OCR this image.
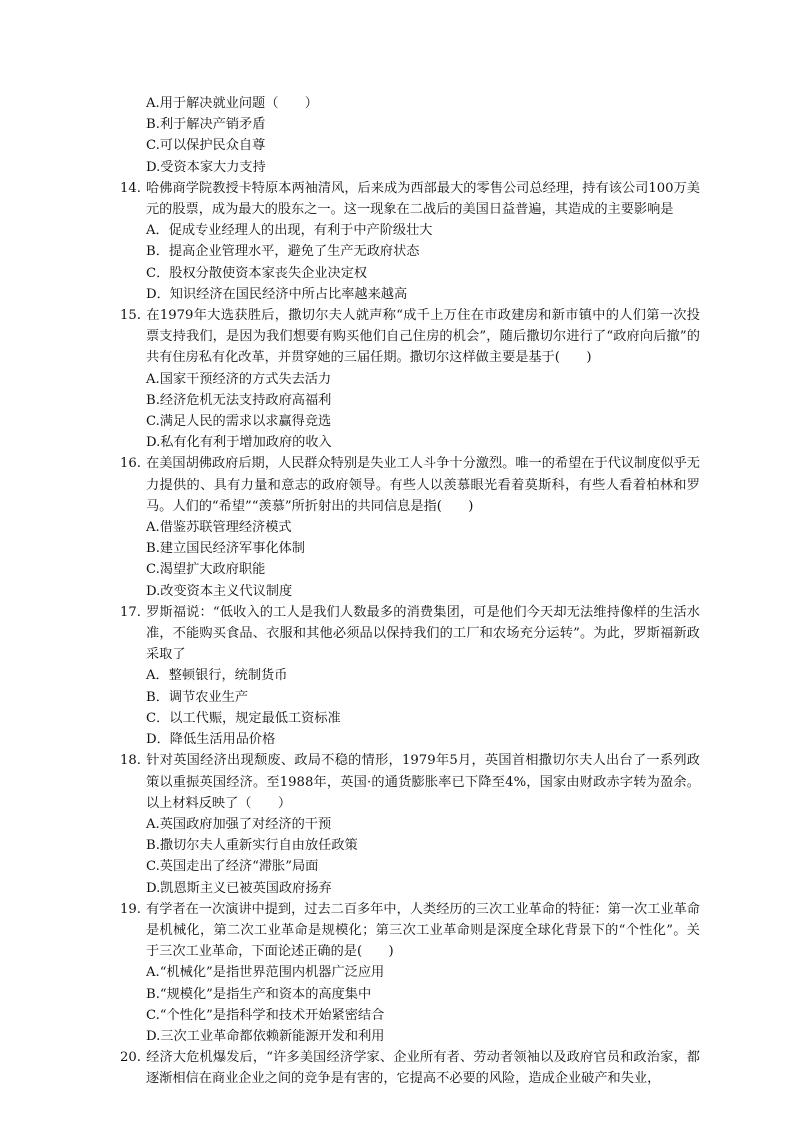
A.用于解决就业问题（　　）
B.利于解决产销矛盾
C.可以保护民众自尊
D.受资本家大力支持
14. 哈佛商学院教授卡特原本两袖清风，后来成为西部最大的零售公司总经理，持有该公司100万美元的股票，成为最大的股东之一。这一现象在二战后的美国日益普遍，其造成的主要影响是
A．促成专业经理人的出现，有利于中产阶级壮大
B．提高企业管理水平，避免了生产无政府状态
C．股权分散使资本家丧失企业决定权
D．知识经济在国民经济中所占比率越来越高
15. 在1979年大选获胜后，撒切尔夫人就声称“成千上万住在市政建房和新市镇中的人们第一次投票支持我们，是因为我们想要有购买他们自己住房的机会”，随后撒切尔进行了“政府向后撤”的共有住房私有化改革，并贯穿她的三届任期。撒切尔这样做主要是基于(　　)
A.国家干预经济的方式失去活力
B.经济危机无法支持政府高福利
C.满足人民的需求以求赢得竞选
D.私有化有利于增加政府的收入
16. 在美国胡佛政府后期，人民群众特别是失业工人斗争十分激烈。唯一的希望在于代议制度似乎无力提供的、具有力量和意志的政府领导。有些人以羡慕眼光看着莫斯科，有些人看着柏林和罗马。人们的“希望”“羡慕”所折射出的共同信息是指(　　)
A.借鉴苏联管理经济模式
B.建立国民经济军事化体制
C.渴望扩大政府职能
D.改变资本主义代议制度
17. 罗斯福说：“低收入的工人是我们人数最多的消费集团，可是他们今天却无法维持像样的生活水准，不能购买食品、衣服和其他必须品以保持我们的工厂和农场充分运转”。为此，罗斯福新政采取了
A．整顿银行，统制货币
B．调节农业生产
C．以工代赈，规定最低工资标准
D．降低生活用品价格
18. 针对英国经济出现颓废、政局不稳的情形，1979年5月，英国首相撒切尔夫人出台了一系列政策以重振英国经济。至1988年，英国·的通货膨胀率已下降至4%，国家由财政赤字转为盈余。以上材料反映了（　　）
A.英国政府加强了对经济的干预
B.撒切尔夫人重新实行自由放任政策
C.英国走出了经济“滞胀”局面
D.凯恩斯主义已被英国政府扬弃
19. 有学者在一次演讲中提到，过去二百多年中，人类经历的三次工业革命的特征：第一次工业革命是机械化，第二次工业革命是规模化；第三次工业革命则是深度全球化背景下的“个性化”。关于三次工业革命，下面论述正确的是(　　)
A.“机械化”是指世界范围内机器广泛应用
B.“规模化”是指生产和资本的高度集中
C.“个性化”是指科学和技术开始紧密结合
D.三次工业革命都依赖新能源开发和利用
20. 经济大危机爆发后，“许多美国经济学家、企业所有者、劳动者领袖以及政府官员和政治家，都逐渐相信在商业企业之间的竞争是有害的，它提高不必要的风险，造成企业破产和失业，
